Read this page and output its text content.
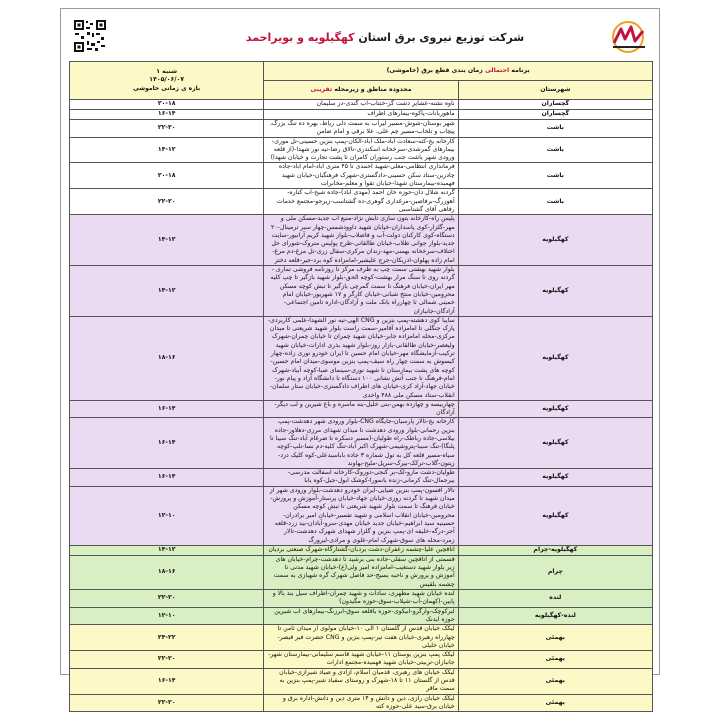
شرکت توزیع نیروی برق استان کهگیلویه و بویراحمد
برنامه احتمالی زمان بندی قطع برق (خاموشی)		شنبه ۱
۱۴۰۵/۰۶/۰۷
بازه ی زمانی خاموشی

شهرستان	محدوده مناطق و زیرمحله تقریبی	
گچساران	ناوه نشته-عشایر دشت گز-ختتاب-آب گندی-دز سلیمان	۲۰-۱۸
گچساران	ماهوربانات-پاکوه-بیمارهای اطراف	۱۶-۱۴
باشت	شهر بوستان-شوش-مسیر لیراب به سمت دلی ریاط، بهره ده تنگ بزرگ، پیچاب و تلخاب-مسیر چم علی، علا برقی و امام ضامن	۲۲-۲۰
باشت	کارخانه یخ-کته-سعادت آباد-ملک آباد-آلکان-پمپ بنزین حسینی-تل موری-بیمارهای گمرشدی-سرخخانه اسکندری-تالاق رضا-تیه نور شهدا-(از قلعه ورودی شهر باشت جنب رستوران کامران تا پشت تجارت و خیابان شهدا)	۱۴-۱۲
باشت	فرمانداری انتظامی-معلی-شهید احمدی تا ۴۵ متری آباد-امام آباد-جاده چادرین-ستاد سکن حسینی-دادگستری-شهرک فرهنگیان-خیابان شهید فهمیده-بیمارستان شهدا-خیابان تقوا و معلم-مخابرات	۲۰-۱۸
باشت	گردنه شلال دان-حوزه خان احمد (مهدی آباد)-جاده شیخ-آب کناره-آهوزرگ-برفاصین-مرغداری گوهری-ده گشتاسب-زیرجو-مجتمع خدمات رفاهی آقای گشتاسبی	۲۲-۲۰
کهگیلویه	پلیس راه-کارخانه بتون سازی تابش نژاد-منبع آب جدید-مسکن ملی و مهر-گلزار-کوی پاسداران-خیابان شهید داوودشمس-چهار سیر ترمینال-۲۰ دستگاه-کوی کارکنان دولت-آب و فاضلاب-بلوار شهید کریم آرانیور-سایت جدید-بلوار جوانی طلاب-خیابان طالقانی-طرح پولیس متروک-شورای حل اختلاف-سرخخانه بهمنی-مهد-زندان مرکزی-سفال زری-تل مرغ-دم مرغ-امام زاده پهلوان-ادریکان-جرج علیشیر-امامزاده کوه برد-جیر-قلعه دختر	۱۴-۱۲
کهگیلویه	بلوار شهید بهشتی سمت چپ به طرف مرکز تا روزنامه فروشی تماری - گردنه روی تا سنگ مرار بهشت-کوچه الحق-بلوار شهید بازگیر تا چپ کلیه مهر ایران-خیابان فرهنگ تا سمت گمرچی بازگیر تا تبش کوچه مسکن محرومین-خیابان منتج شبانی-خیابان کارگر و ۱۷ شهریور-خیابان امام خمینی شمالی تا چهارراه بانک ملت و آزادگان-اداره تامین اجتماعی-آزادگان-جانبازان	۱۴-۱۲
کهگیلویه	سایبا کوی دهشته-پمپ بنزین و CNG الهی-تیه نور الشهدا-علمی کاربردی-پارک جنگلی تا امامزاده آقامیر-سمت راست بلوار شهید شریعتی تا میدان مرکزی-محله امامزاده جابر-خیابان شهید چمران تا خیابان چمران-شهرک ولیعصر-خیابان طالقانی-بازار روز-بلوار شهید بذری ادارات-خیابان شهید ترکیب-آزمایشگاه مهر-خیابان امام حسین تا ایران خودرو نوری زاده-چهار کیسوش به سمت چهار راه سیف-پمپ بنزین موسوی-میدان امام حسین-کوچه های پشت بیمارستان تا شهید نوری-سینمای صبا-کوچه آبباد-شهرک امام-فرهنگ تا جنب آتش نشانی ۱۰۰ دستگاه تا دانشگاه آزاد و پیام نور-خیابان جهاد-آزاد کری-خیابان های اطراف دادگستری-خیابان ستار سلمان-انقلاب-ستاد مسکن ملی ۴۸۸ واحدی	۱۸-۱۶
کهگیلویه	چهاربیسه و چهارده بهمن-بنی خلیل-بنه ماسره و باغ شیرین و لب دیگر-آزادگان	۱۶-۱۴
کهگیلویه	کارخانه یخ-تالار پارسیان-جایگاه CNG-بلوار ورودی شهر دهدشت-پمپ بنزین رحمانی-بلوار ورودی دهدشت تا میدان شهدای مرزی-دهلاور-جاده بیلاسی-جاده رباطک-راه طولیان-(مسیر دسکره تا ضرغام آباد-تنگ سیبا تا پلنگا)-تنگ سیبا-پتروشیمی-شهرک اکبر آباد-تنگ کلیه-دم نسا-تلپ-کوچه سیاه-مسیر قلعه کل به تول شماره ۳ جاده باباسیدعلی-کوه کلیک دزد-زیتون-گلاب-ترکک-بیرک-سرپل-ملیح-بهاوند	۱۶-۱۴
کهگیلویه	طولیان-دشت مارو-لک-بر کنجی-دوروک-کارخانه آسفالت مدرسی-بیرجمال-تنگ کرمانی-زنده بانمورا-کوشک ابول-جبل-کوه یابا	۱۶-۱۴
کهگیلویه	تالار افسون-پمپ بنزین ضیایی-ایران خودرو دهدشت-بلوار ورودی شهر از میدان شهید تا گردنه روزی-خیابان جهاد-خیابان پرستار-آموزش و پرورش-خیابان فرهنگ تا سمت بلوار شهید شریعتی تا تبش کوچه مسکن محرومین-خیابان انقلاب اسلامی و شهید تفسیر-خیابان امیر برادران-حسینیه سید ابراهیم-خیابان جدید خیابان مهدی-سرو-آبادان-بید زرد-قلعه آجر-درگه-خلیفه ای-پمپ بنزین و گلزار شهدای شهرک دهدشت-تالار زمرد-محله های سوق-شهرک امام-علوی و مرادی-لبرورگ	۱۲-۱۰
کهگیلویه-چرام	اتاقچین علیا-چشمه زعفران-دشت بردبان-گشتارگاه-شهرک صنعتی بردیان	۱۴-۱۲
چرام	قسمتی از اتاقچین سفلی-جاده بنی بزشید تا دهدشت-چرام-خیابان های زیر بلوار شهید دستغیب-امامزاده امیر ولی(ع)-خیابان شهید مدنی تا آموزش و پرورش و ناحیه بسیج-حد فاصل شهرک گره شهبازی به سمت چشمه بلقیس	۱۸-۱۶
لنده	لنده خیابان شهید مطهری، سادات و شهید چمران-اطراف سیل بند بالا و پایین-(کهمان-آب-شیلاب-سوق-حوزه مگیدون)	۲۲-۲۰
لنده-کهگیلویه	لبرکوچک-وارگرو-آنیکوی-حوزه یاقلعه سوق-آبرزنگ-بیمارهای آب شیرین حوزه ایدنک	۱۲-۱۰
بهمئی	لیکک خیابان قدس از گلستان ۱ الی ۱۰-خیابان مولوی از میدان ثامن تا چهارراه رهبری-خیابان هفت تیر-پمپ بنزین و CNG حضرت فیر قیصر-خیابان خلیلی	۲۴-۲۲
بهمئی	لیکک پمپ بنزین بوستان ۱۱-خیابان شهید قاسم سلیمانی-بیمارستان شهر-جانبازان-تربیتی-خیابان شهید فهمیده-مجتمع ادارات	۲۲-۲۰
بهمئی	لیکک خیابان های رهبری، قدمیان اسلام، آزادی و صیاد شیرازی-خیابان قدس از گلستان ۱۱ تا ۱۸-شهرک و روستای سفیاد شیر-پمپ بنزین به سمت ماقر	۱۶-۱۴
بهمئی	لیکک خیابان رازی، دین و دانش و ۱۴ متری دین و دانش-اداره برق و خیابان برق-سید علی-حوزه کته	۲۲-۲۰
